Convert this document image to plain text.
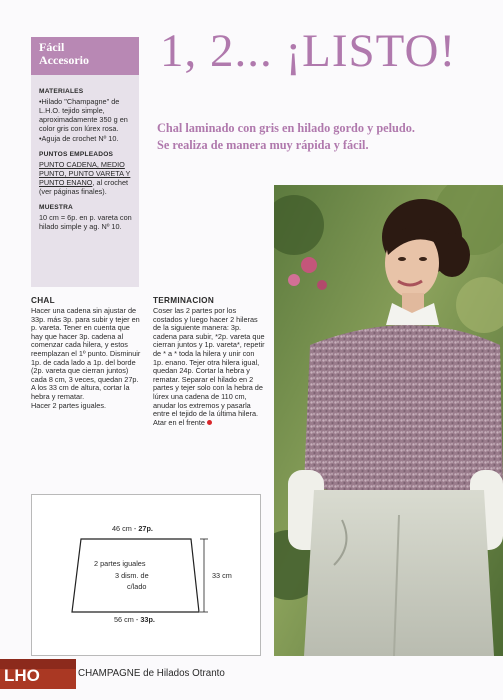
Fácil
Accesorio
MATERIALES

•Hilado "Champagne" de L.H.O. tejido simple, aproximadamente 350 g en color gris con lúrex rosa.

•Aguja de crochet Nº 10.

PUNTOS EMPLEADOS

PUNTO CADENA, MEDIO PUNTO, PUNTO VARETA Y PUNTO ENANO, al crochet (ver páginas finales).

MUESTRA

10 cm = 6p. en p. vareta con hilado simple y ag. Nº 10.

1, 2... ¡LISTO!
Chal laminado con gris en hilado gordo y peludo.
Se realiza de manera muy rápida y fácil.
CHAL

Hacer una cadena sin ajustar de 33p. más 3p. para subir y tejer en p. vareta. Tener en cuenta que hay que hacer 3p. cadena al comenzar cada hilera, y estos reemplazan el 1º punto. Disminuir 1p. de cada lado a 1p. del borde (2p. vareta que cierran juntos) cada 8 cm, 3 veces, quedan 27p. A los 33 cm de altura, cortar la hebra y rematar.

Hacer 2 partes iguales.

TERMINACION

Coser las 2 partes por los costados y luego hacer 2 hileras de la siguiente manera: 3p. cadena para subir, *2p. vareta que cierran juntos y 1p. vareta*, repetir de * a * toda la hilera y unir con 1p. enano. Tejer otra hilera igual, quedan 24p. Cortar la hebra y rematar. Separar el hilado en 2 partes y tejer solo con la hebra de lúrex una cadena de 110 cm, anudar los extremos y pasarla entre el tejido de la última hilera. Atar en el frente

46 cm - 27p.
2 partes iguales
3 dism. de
c/lado
33 cm
56 cm - 33p.
LHO	CHAMPAGNE de Hilados Otranto
